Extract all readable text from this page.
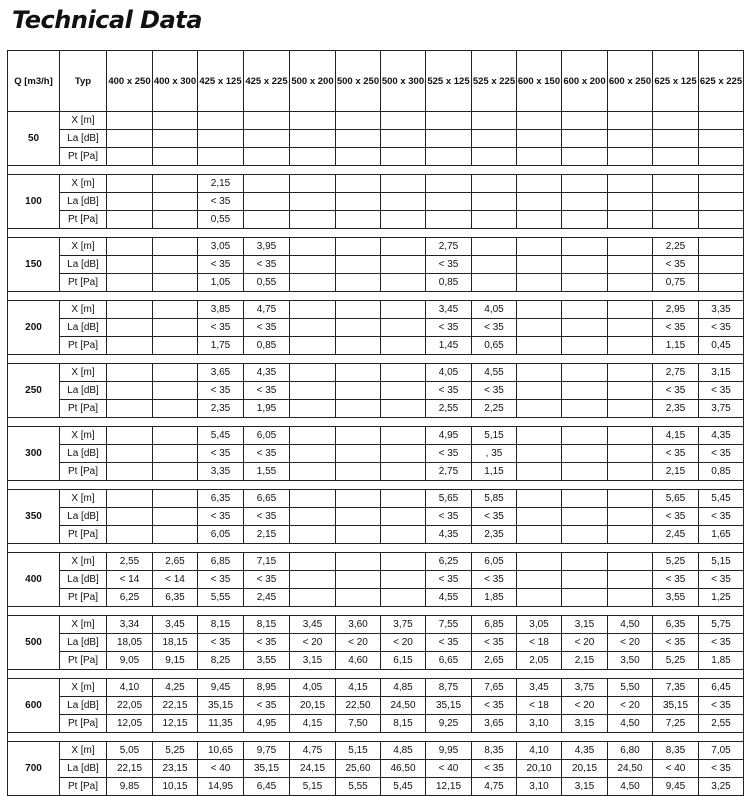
Technical Data
Q [m3/h]	Typ	400 x 250	400 x 300	425 x 125	425 x 225	500 x 200	500 x 250	500 x 300	525 x 125	525 x 225	600 x 150	600 x 200	600 x 250	625 x 125	625 x 225
50	X [m]														
	La [dB]														
	Pt [Pa]														

100	X [m]			2,15											
	La [dB]			< 35											
	Pt [Pa]			0,55											

150	X [m]			3,05	3,95				2,75					2,25	
	La [dB]			< 35	< 35				< 35					< 35	
	Pt [Pa]			1,05	0,55				0,85					0,75	

200	X [m]			3,85	4,75				3,45	4,05				2,95	3,35
	La [dB]			< 35	< 35				< 35	< 35				< 35	< 35
	Pt [Pa]			1,75	0,85				1,45	0,65				1,15	0,45

250	X [m]			3,65	4,35				4,05	4,55				2,75	3,15
	La [dB]			< 35	< 35				< 35	< 35				< 35	< 35
	Pt [Pa]			2,35	1,95				2,55	2,25				2,35	3,75

300	X [m]			5,45	6,05				4,95	5,15				4,15	4,35
	La [dB]			< 35	< 35				< 35	, 35				< 35	< 35
	Pt [Pa]			3,35	1,55				2,75	1,15				2,15	0,85

350	X [m]			6,35	6,65				5,65	5,85				5,65	5,45
	La [dB]			< 35	< 35				< 35	< 35				< 35	< 35
	Pt [Pa]			6,05	2,15				4,35	2,35				2,45	1,65

400	X [m]	2,55	2,65	6,85	7,15				6,25	6,05				5,25	5,15
	La [dB]	< 14	< 14	< 35	< 35				< 35	< 35				< 35	< 35
	Pt [Pa]	6,25	6,35	5,55	2,45				4,55	1,85				3,55	1,25

500	X [m]	3,34	3,45	8,15	8,15	3,45	3,60	3,75	7,55	6,85	3,05	3,15	4,50	6,35	5,75
	La [dB]	18,05	18,15	< 35	< 35	< 20	< 20	< 20	< 35	< 35	< 18	< 20	< 20	< 35	< 35
	Pt [Pa]	9,05	9,15	8,25	3,55	3,15	4,60	6,15	6,65	2,65	2,05	2,15	3,50	5,25	1,85

600	X [m]	4,10	4,25	9,45	8,95	4,05	4,15	4,85	8,75	7,65	3,45	3,75	5,50	7,35	6,45
	La [dB]	22,05	22,15	35,15	< 35	20,15	22,50	24,50	35,15	< 35	< 18	< 20	< 20	35,15	< 35
	Pt [Pa]	12,05	12,15	11,35	4,95	4,15	7,50	8,15	9,25	3,65	3,10	3,15	4,50	7,25	2,55

700	X [m]	5,05	5,25	10,65	9,75	4,75	5,15	4,85	9,95	8,35	4,10	4,35	6,80	8,35	7,05
	La [dB]	22,15	23,15	< 40	35,15	24,15	25,60	46,50	< 40	< 35	20,10	20,15	24,50	< 40	< 35
	Pt [Pa]	9,85	10,15	14,95	6,45	5,15	5,55	5,45	12,15	4,75	3,10	3,15	4,50	9,45	3,25
